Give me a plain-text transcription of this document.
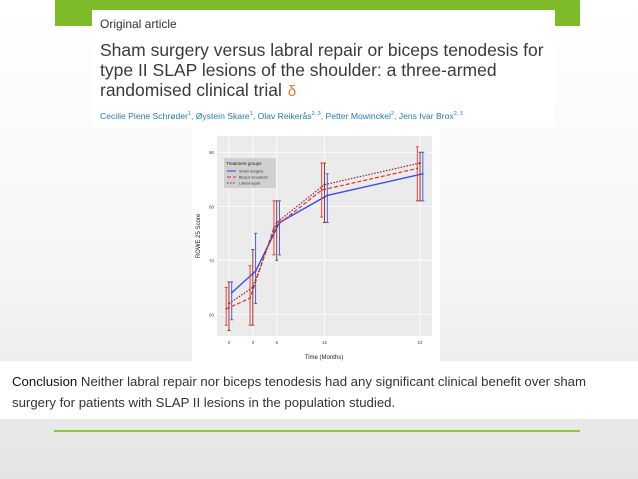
Original article
Sham surgery versus labral repair or biceps tenodesis for type II SLAP lesions of the shoulder: a three-armed randomised clinical trial δ
Cecilie Piene Schrøder$^1$, Øystein Skare$^1$, Olav Reikerås$^{2, 3}$, Petter Mowinckel$^2$, Jens Ivar Brox$^{2, 3}$
60
70
80
90
0	3	6	12	24
Time (Months)
ROWE 25 Score
Treatment groups
Sham Surgery
Biceps tenodesis
Labral repair
Conclusion Neither labral repair nor biceps tenodesis had any significant clinical benefit over sham surgery for patients with SLAP II lesions in the population studied.
